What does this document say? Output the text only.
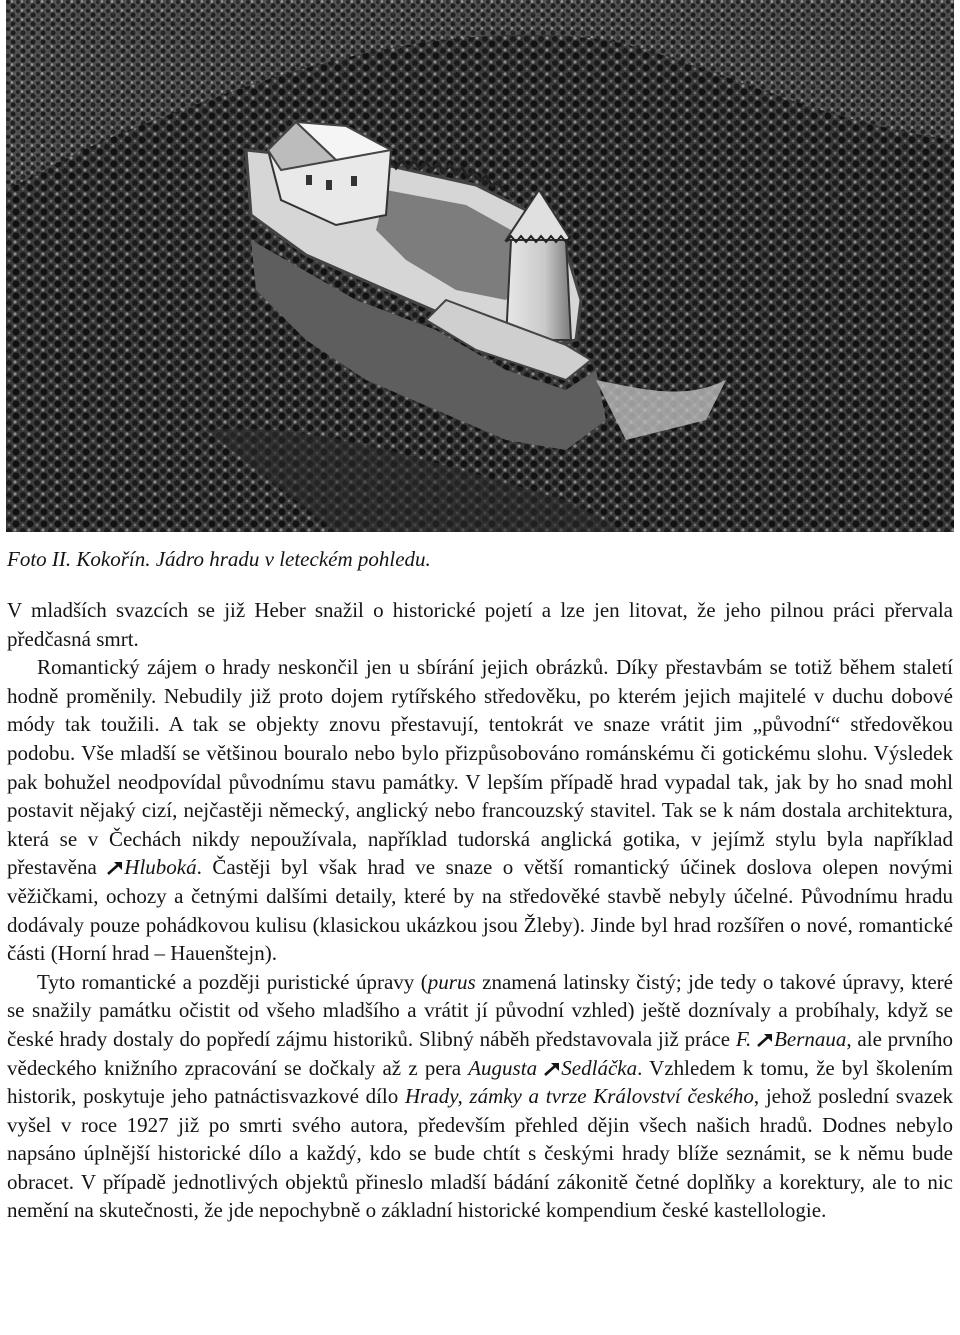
Foto II. Kokořín. Jádro hradu v leteckém pohledu.

V mladších svazcích se již Heber snažil o historické pojetí a lze jen litovat, že jeho pilnou práci přervala předčasná smrt.

Romantický zájem o hrady neskončil jen u sbírání jejich obrázků. Díky přestavbám se totiž během staletí hodně proměnily. Nebudily již proto dojem rytířského středověku, po kterém jejich majitelé v duchu dobové módy tak toužili. A tak se objekty znovu přestavují, tentokrát ve snaze vrátit jim „původní“ středověkou podobu. Vše mladší se většinou bouralo nebo bylo přizpůsobováno románskému či gotickému slohu. Výsledek pak bohužel neodpovídal původnímu stavu památky. V lepším případě hrad vypadal tak, jak by ho snad mohl postavit nějaký cizí, nejčastěji německý, anglický nebo francouzský stavitel. Tak se k nám dostala architektura, která se v Čechách nikdy nepoužívala, například tudorská anglická gotika, v jejímž stylu byla například přestavěna
Hluboká. Častěji byl však hrad ve snaze o větší romantický účinek doslova olepen novými věžičkami, ochozy a četnými dalšími detaily, které by na středověké stavbě nebyly účelné. Původnímu hradu dodávaly pouze pohádkovou kulisu (klasickou ukázkou jsou Žleby). Jinde byl hrad rozšířen o nové, romantické části (Horní hrad – Hauenštejn).

Tyto romantické a později puristické úpravy (purus znamená latinsky čistý; jde tedy o takové úpravy, které se snažily památku očistit od všeho mladšího a vrátit jí původní vzhled) ještě doznívaly a probíhaly, když se české hrady dostaly do popředí zájmu historiků. Slibný náběh představovala již práce F.
Bernaua, ale prvního vědeckého knižního zpracování se dočkaly až z pera Augusta
Sedláčka. Vzhledem k tomu, že byl školením historik, poskytuje jeho patnáctisvazkové dílo Hrady, zámky a tvrze Království českého, jehož poslední svazek vyšel v roce 1927 již po smrti svého autora, především přehled dějin všech našich hradů. Dodnes nebylo napsáno úplnější historické dílo a každý, kdo se bude chtít s českými hrady blíže seznámit, se k němu bude obracet. V případě jednotlivých objektů přineslo mladší bádání zákonitě četné doplňky a korektury, ale to nic nemění na skutečnosti, že jde nepochybně o základní historické kompendium české kastellologie.
